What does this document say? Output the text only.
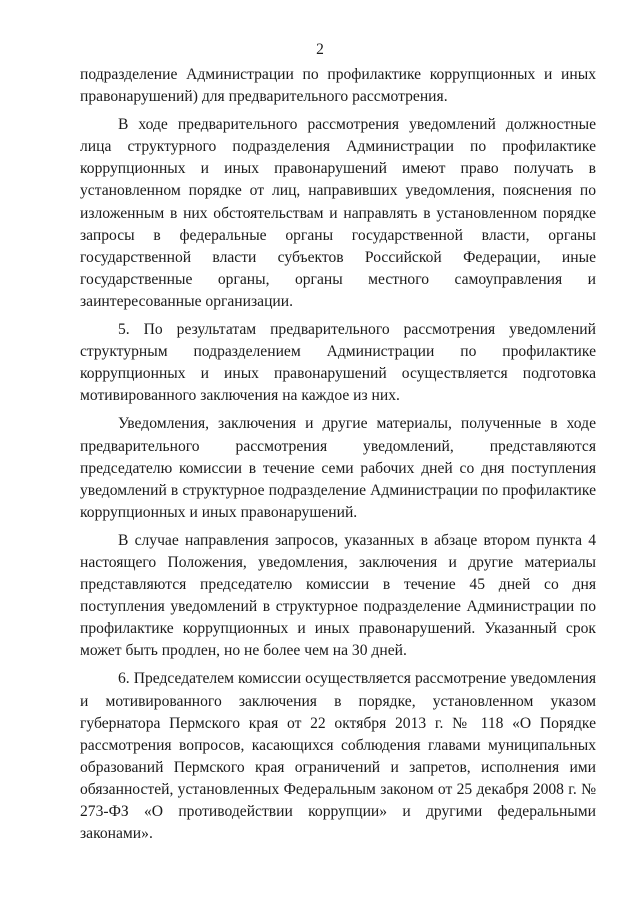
2

подразделение Администрации по профилактике коррупционных и иных правонарушений) для предварительного рассмотрения.

В ходе предварительного рассмотрения уведомлений должностные лица структурного подразделения Администрации по профилактике коррупционных и иных правонарушений имеют право получать в установленном порядке от лиц, направивших уведомления, пояснения по изложенным в них обстоятельствам и направлять в установленном порядке запросы в федеральные органы государственной власти, органы государственной власти субъектов Российской Федерации, иные государственные органы, органы местного самоуправления и заинтересованные организации.

5. По результатам предварительного рассмотрения уведомлений структурным подразделением Администрации по профилактике коррупционных и иных правонарушений осуществляется подготовка мотивированного заключения на каждое из них.

Уведомления, заключения и другие материалы, полученные в ходе предварительного рассмотрения уведомлений, представляются председателю комиссии в течение семи рабочих дней со дня поступления уведомлений в структурное подразделение Администрации по профилактике коррупционных и иных правонарушений.

В случае направления запросов, указанных в абзаце втором пункта 4 настоящего Положения, уведомления, заключения и другие материалы представляются председателю комиссии в течение 45 дней со дня поступления уведомлений в структурное подразделение Администрации по профилактике коррупционных и иных правонарушений. Указанный срок может быть продлен, но не более чем на 30 дней.

6. Председателем комиссии осуществляется рассмотрение уведомления и мотивированного заключения в порядке, установленном указом губернатора Пермского края от 22 октября 2013 г. № 118 «О Порядке рассмотрения вопросов, касающихся соблюдения главами муниципальных образований Пермского края ограничений и запретов, исполнения ими обязанностей, установленных Федеральным законом от 25 декабря 2008 г. № 273-ФЗ «О противодействии коррупции» и другими федеральными законами».
